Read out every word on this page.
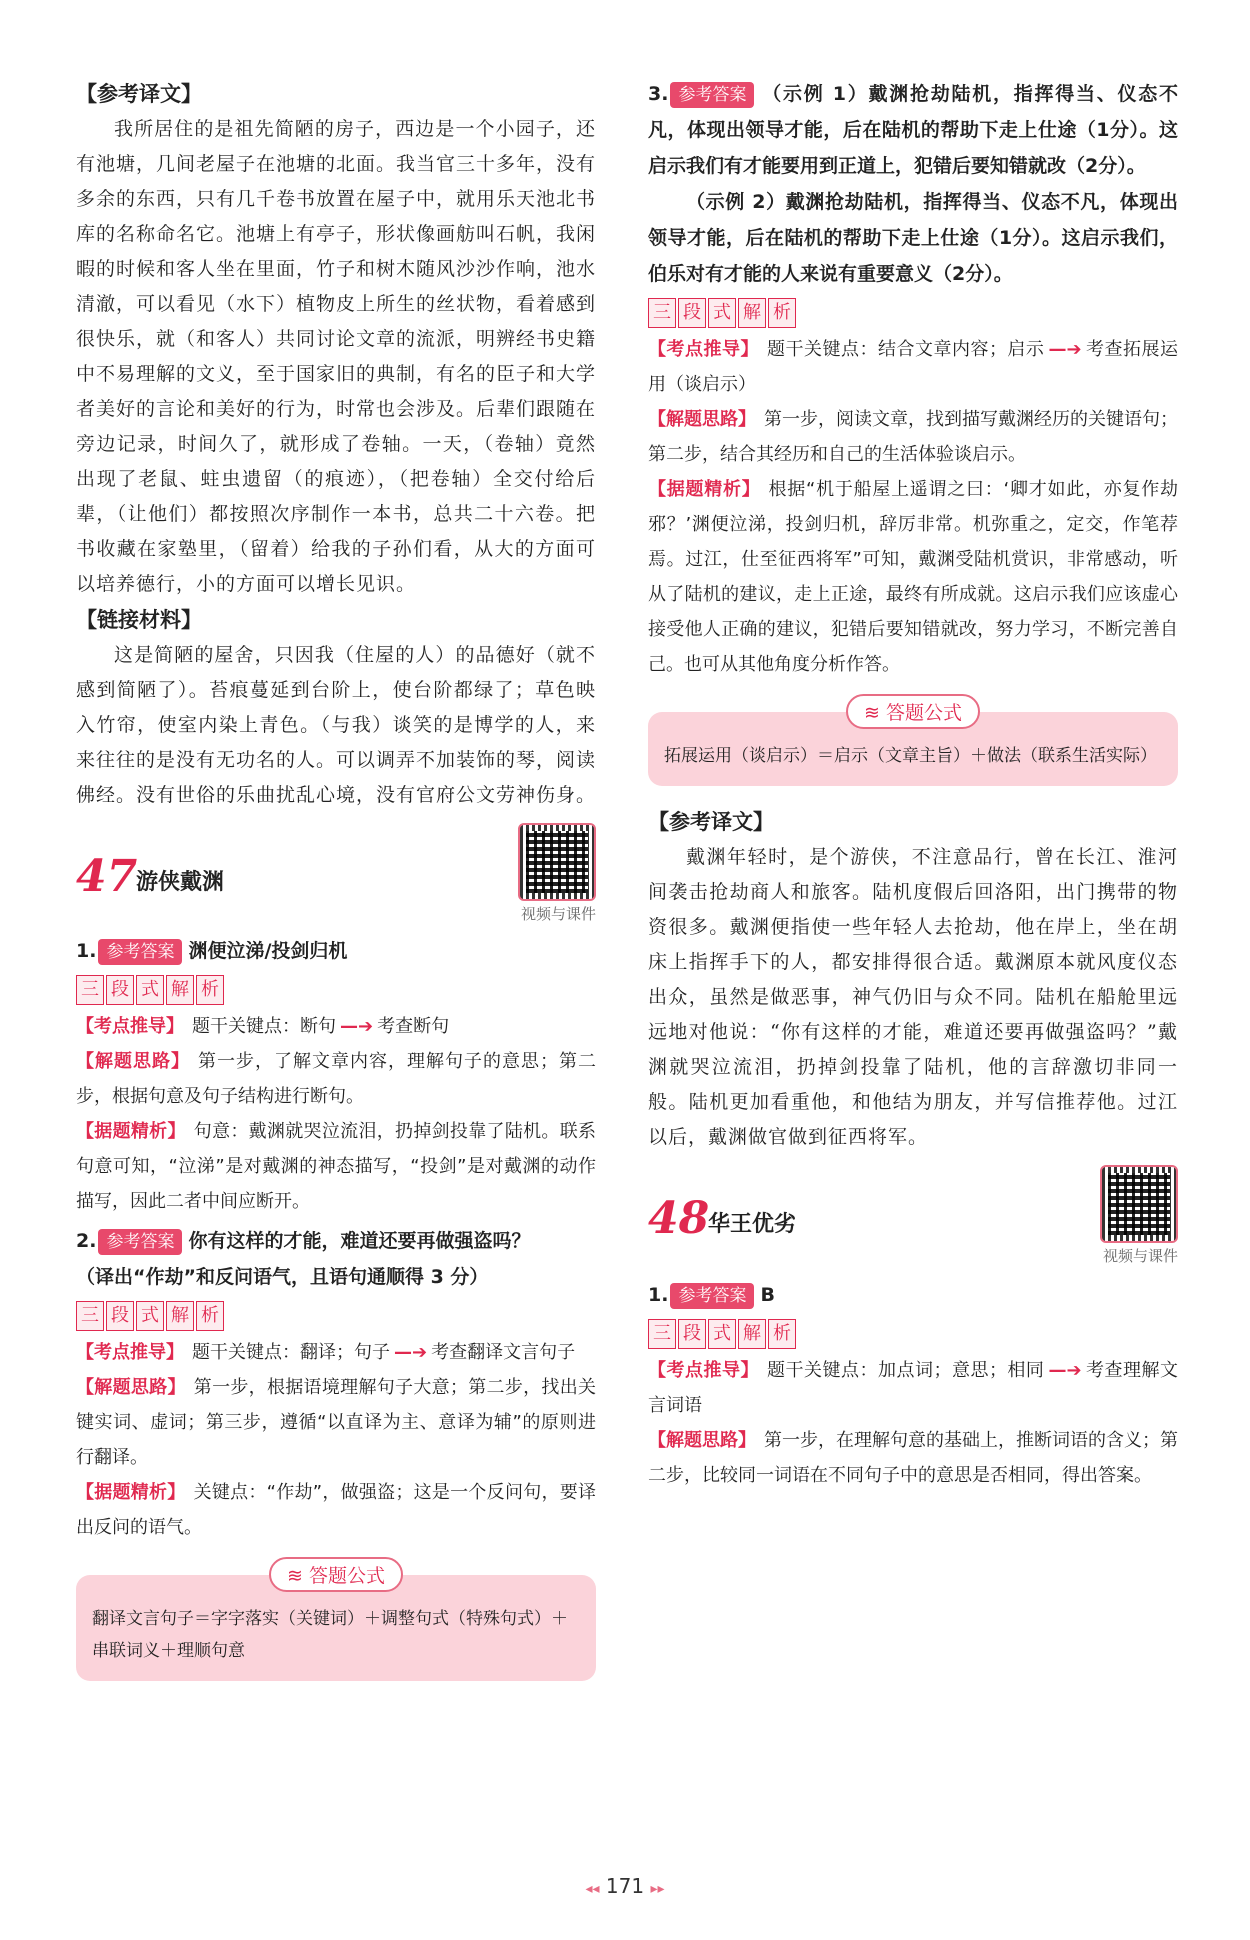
【参考译文】

我所居住的是祖先简陋的房子，西边是一个小园子，还有池塘，几间老屋子在池塘的北面。我当官三十多年，没有多余的东西，只有几千卷书放置在屋子中，就用乐天池北书库的名称命名它。池塘上有亭子，形状像画舫叫石帆，我闲暇的时候和客人坐在里面，竹子和树木随风沙沙作响，池水清澈，可以看见（水下）植物皮上所生的丝状物，看着感到很快乐，就（和客人）共同讨论文章的流派，明辨经书史籍中不易理解的文义，至于国家旧的典制，有名的臣子和大学者美好的言论和美好的行为，时常也会涉及。后辈们跟随在旁边记录，时间久了，就形成了卷轴。一天，（卷轴）竟然出现了老鼠、蛀虫遗留（的痕迹），（把卷轴）全交付给后辈，（让他们）都按照次序制作一本书，总共二十六卷。把书收藏在家塾里，（留着）给我的子孙们看，从大的方面可以培养德行，小的方面可以增长见识。

【链接材料】

这是简陋的屋舍，只因我（住屋的人）的品德好（就不感到简陋了）。苔痕蔓延到台阶上，使台阶都绿了；草色映入竹帘，使室内染上青色。（与我）谈笑的是博学的人，来来往往的是没有无功名的人。可以调弄不加装饰的琴，阅读佛经。没有世俗的乐曲扰乱心境，没有官府公文劳神伤身。

47
游侠戴渊
视频与课件

1. 参考答案 渊便泣涕/投剑归机

三 段 式 解 析

【考点推导】 题干关键点：断句 —➔ 考查断句

【解题思路】 第一步，了解文章内容，理解句子的意思；第二步，根据句意及句子结构进行断句。

【据题精析】 句意：戴渊就哭泣流泪，扔掉剑投靠了陆机。联系句意可知，“泣涕”是对戴渊的神态描写，“投剑”是对戴渊的动作描写，因此二者中间应断开。

2. 参考答案 你有这样的才能，难道还要再做强盗吗？

（译出“作劫”和反问语气，且语句通顺得 3 分）

三 段 式 解 析

【考点推导】 题干关键点：翻译；句子 —➔ 考查翻译文言句子

【解题思路】 第一步，根据语境理解句子大意；第二步，找出关键实词、虚词；第三步，遵循“以直译为主、意译为辅”的原则进行翻译。

【据题精析】 关键点：“作劫”，做强盗；这是一个反问句，要译出反问的语气。

≋ 答题公式

翻译文言句子＝字字落实（关键词）＋调整句式（特殊句式）＋串联词义＋理顺句意

3. 参考答案 （示例 1）戴渊抢劫陆机，指挥得当、仪态不凡，体现出领导才能，后在陆机的帮助下走上仕途（1分）。这启示我们有才能要用到正道上，犯错后要知错就改（2分）。

（示例 2）戴渊抢劫陆机，指挥得当、仪态不凡，体现出领导才能，后在陆机的帮助下走上仕途（1分）。这启示我们，伯乐对有才能的人来说有重要意义（2分）。

三 段 式 解 析

【考点推导】 题干关键点：结合文章内容；启示 —➔ 考查拓展运用（谈启示）

【解题思路】 第一步，阅读文章，找到描写戴渊经历的关键语句；第二步，结合其经历和自己的生活体验谈启示。

【据题精析】 根据“机于船屋上遥谓之曰：‘卿才如此，亦复作劫邪？’渊便泣涕，投剑归机，辞厉非常。机弥重之，定交，作笔荐焉。过江，仕至征西将军”可知，戴渊受陆机赏识，非常感动，听从了陆机的建议，走上正途，最终有所成就。这启示我们应该虚心接受他人正确的建议，犯错后要知错就改，努力学习，不断完善自己。也可从其他角度分析作答。

≋ 答题公式

拓展运用（谈启示）＝启示（文章主旨）＋做法（联系生活实际）

【参考译文】

戴渊年轻时，是个游侠，不注意品行，曾在长江、淮河间袭击抢劫商人和旅客。陆机度假后回洛阳，出门携带的物资很多。戴渊便指使一些年轻人去抢劫，他在岸上，坐在胡床上指挥手下的人，都安排得很合适。戴渊原本就风度仪态出众，虽然是做恶事，神气仍旧与众不同。陆机在船舱里远远地对他说：“你有这样的才能，难道还要再做强盗吗？”戴渊就哭泣流泪，扔掉剑投靠了陆机，他的言辞激切非同一般。陆机更加看重他，和他结为朋友，并写信推荐他。过江以后，戴渊做官做到征西将军。

48
华王优劣
视频与课件

1. 参考答案 B

三 段 式 解 析

【考点推导】 题干关键点：加点词；意思；相同 —➔ 考查理解文言词语

【解题思路】 第一步，在理解句意的基础上，推断词语的含义；第二步，比较同一词语在不同句子中的意思是否相同，得出答案。

◂◂ 171 ▸▸
